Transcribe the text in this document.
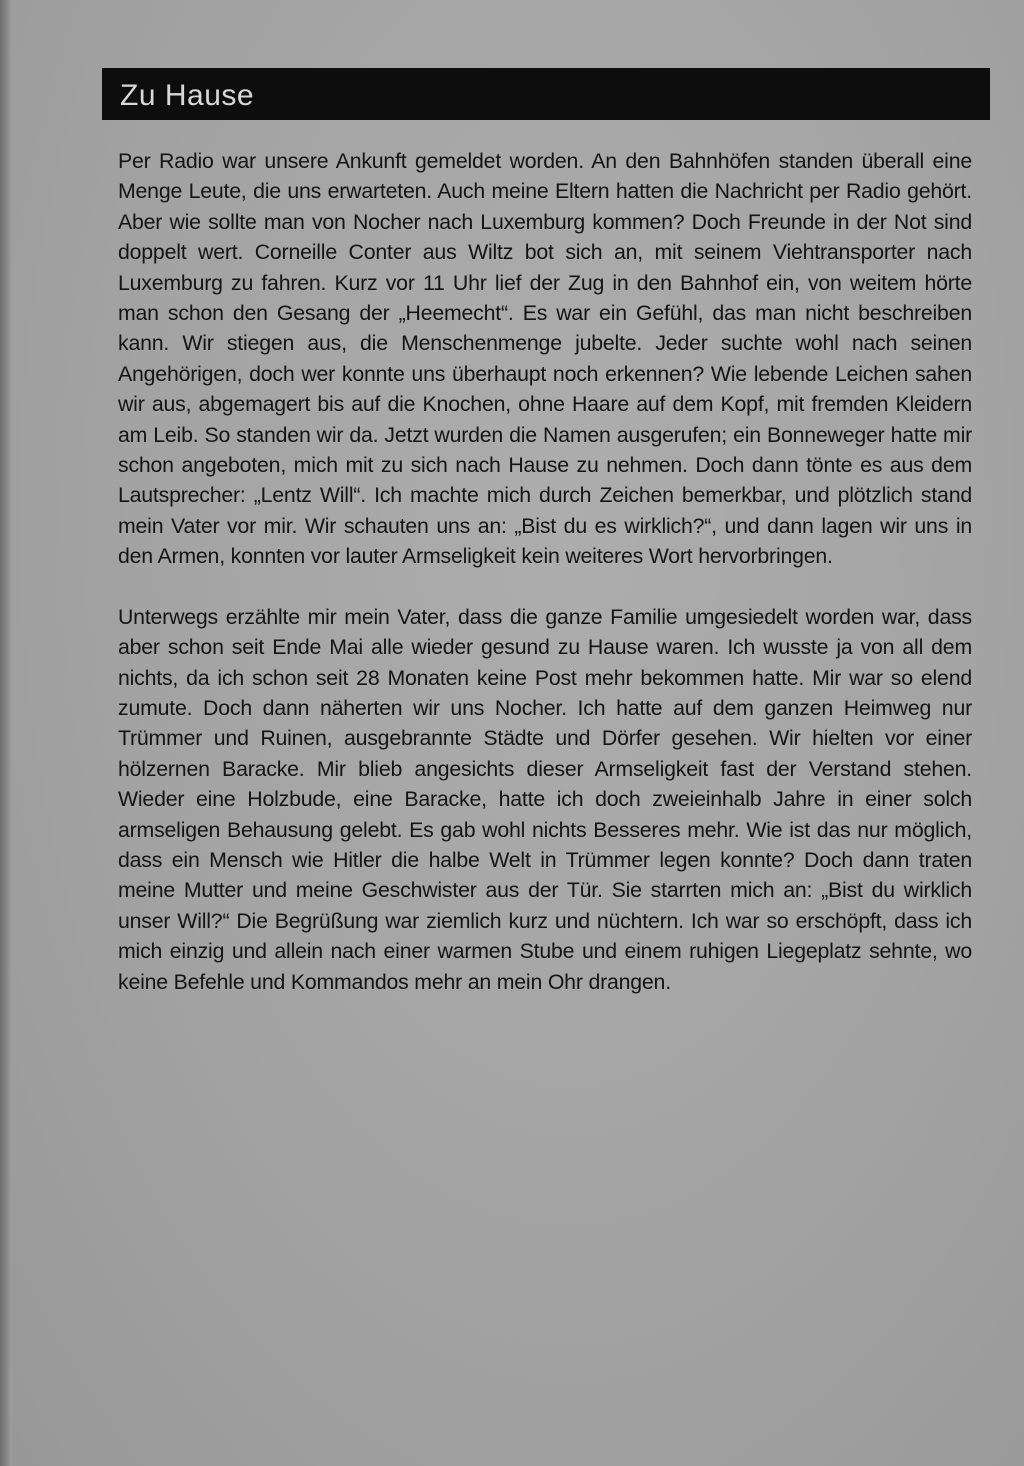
Zu Hause

Per Radio war unsere Ankunft gemeldet worden. An den Bahnhöfen standen überall eine Menge Leute, die uns erwarteten. Auch meine Eltern hatten die Nachricht per Radio gehört. Aber wie sollte man von Nocher nach Luxemburg kommen? Doch Freunde in der Not sind doppelt wert. Corneille Conter aus Wiltz bot sich an, mit seinem Viehtransporter nach Luxemburg zu fahren. Kurz vor 11 Uhr lief der Zug in den Bahnhof ein, von weitem hörte man schon den Gesang der „Heemecht“. Es war ein Gefühl, das man nicht beschreiben kann. Wir stiegen aus, die Menschenmenge jubelte. Jeder suchte wohl nach seinen Angehörigen, doch wer konnte uns überhaupt noch erkennen? Wie lebende Leichen sahen wir aus, abgemagert bis auf die Knochen, ohne Haare auf dem Kopf, mit fremden Kleidern am Leib. So standen wir da. Jetzt wurden die Namen ausgerufen; ein Bonneweger hatte mir schon angeboten, mich mit zu sich nach Hause zu nehmen. Doch dann tönte es aus dem Lautsprecher: „Lentz Will“. Ich machte mich durch Zeichen bemerkbar, und plötzlich stand mein Vater vor mir. Wir schauten uns an: „Bist du es wirklich?“, und dann lagen wir uns in den Armen, konnten vor lauter Armseligkeit kein weiteres Wort hervorbringen.

Unterwegs erzählte mir mein Vater, dass die ganze Familie umgesiedelt worden war, dass aber schon seit Ende Mai alle wieder gesund zu Hause waren. Ich wusste ja von all dem nichts, da ich schon seit 28 Monaten keine Post mehr bekommen hatte. Mir war so elend zumute. Doch dann näherten wir uns Nocher. Ich hatte auf dem ganzen Heimweg nur Trümmer und Ruinen, ausgebrannte Städte und Dörfer gesehen. Wir hielten vor einer hölzernen Baracke. Mir blieb angesichts dieser Armseligkeit fast der Verstand stehen. Wieder eine Holzbude, eine Baracke, hatte ich doch zweieinhalb Jahre in einer solch armseligen Behausung gelebt. Es gab wohl nichts Besseres mehr. Wie ist das nur möglich, dass ein Mensch wie Hitler die halbe Welt in Trümmer legen konnte? Doch dann traten meine Mutter und meine Geschwister aus der Tür. Sie starrten mich an: „Bist du wirklich unser Will?“ Die Begrüßung war ziemlich kurz und nüchtern. Ich war so erschöpft, dass ich mich einzig und allein nach einer warmen Stube und einem ruhigen Liegeplatz sehnte, wo keine Befehle und Kommandos mehr an mein Ohr drangen.
